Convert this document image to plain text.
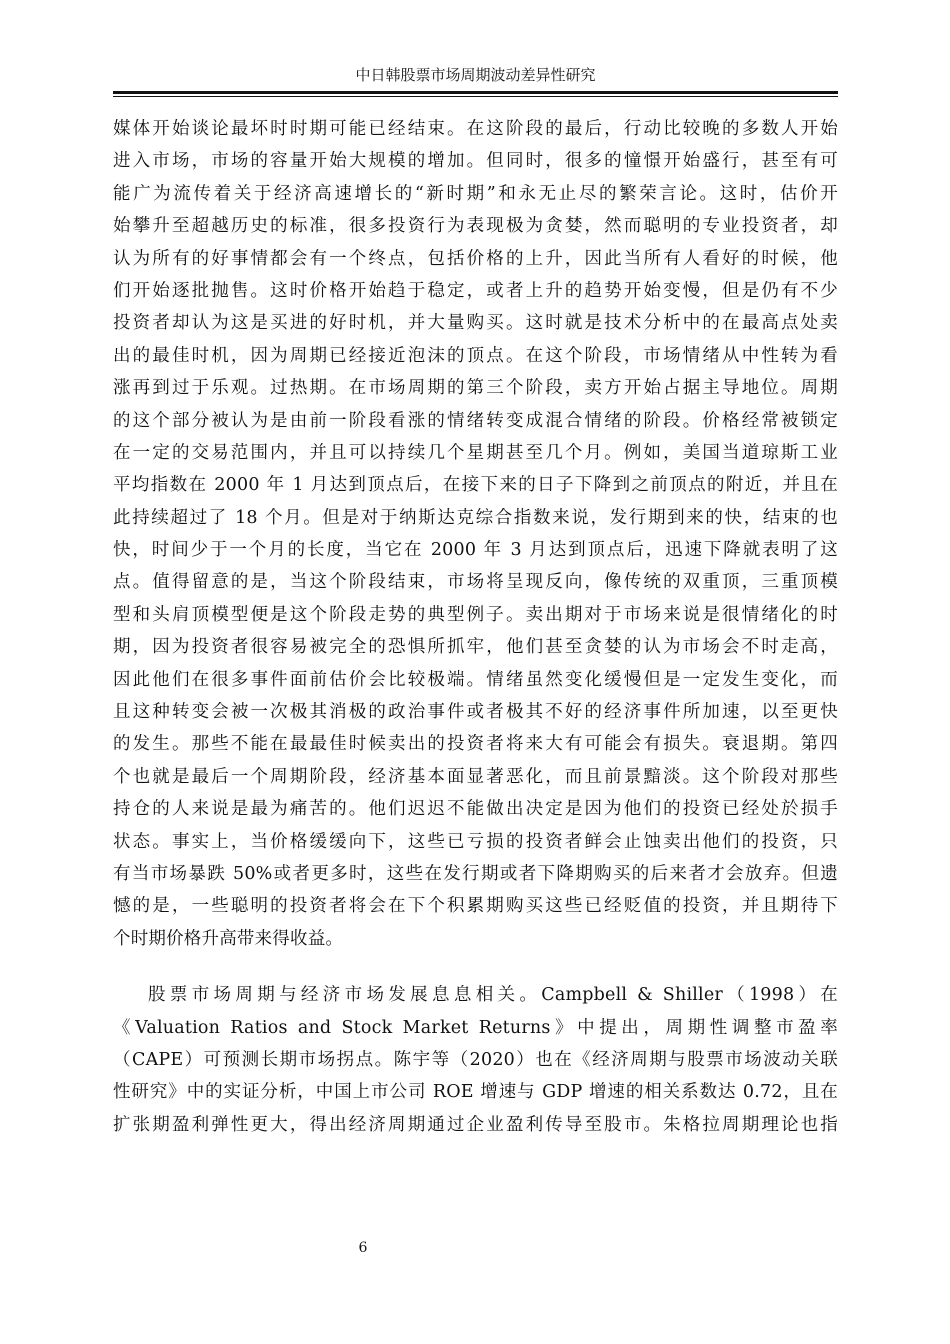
中日韩股票市场周期波动差异性研究
媒体开始谈论最坏时时期可能已经结束。在这阶段的最后，行动比较晚的多数人开始
进入市场，市场的容量开始大规模的增加。但同时，很多的憧憬开始盛行，甚至有可
能广为流传着关于经济高速增长的“新时期”和永无止尽的繁荣言论。这时，估价开
始攀升至超越历史的标准，很多投资行为表现极为贪婪，然而聪明的专业投资者，却
认为所有的好事情都会有一个终点，包括价格的上升，因此当所有人看好的时候，他
们开始逐批抛售。这时价格开始趋于稳定，或者上升的趋势开始变慢，但是仍有不少
投资者却认为这是买进的好时机，并大量购买。这时就是技术分析中的在最高点处卖
出的最佳时机，因为周期已经接近泡沫的顶点。在这个阶段，市场情绪从中性转为看
涨再到过于乐观。过热期。在市场周期的第三个阶段，卖方开始占据主导地位。周期
的这个部分被认为是由前一阶段看涨的情绪转变成混合情绪的阶段。价格经常被锁定
在一定的交易范围内，并且可以持续几个星期甚至几个月。例如，美国当道琼斯工业
平均指数在 2000 年 1 月达到顶点后，在接下来的日子下降到之前顶点的附近，并且在
此持续超过了 18 个月。但是对于纳斯达克综合指数来说，发行期到来的快，结束的也
快，时间少于一个月的长度，当它在 2000 年 3 月达到顶点后，迅速下降就表明了这
点。值得留意的是，当这个阶段结束，市场将呈现反向，像传统的双重顶，三重顶模
型和头肩顶模型便是这个阶段走势的典型例子。卖出期对于市场来说是很情绪化的时
期，因为投资者很容易被完全的恐惧所抓牢，他们甚至贪婪的认为市场会不时走高，
因此他们在很多事件面前估价会比较极端。情绪虽然变化缓慢但是一定发生变化，而
且这种转变会被一次极其消极的政治事件或者极其不好的经济事件所加速，以至更快
的发生。那些不能在最最佳时候卖出的投资者将来大有可能会有损失。衰退期。第四
个也就是最后一个周期阶段，经济基本面显著恶化，而且前景黯淡。这个阶段对那些
持仓的人来说是最为痛苦的。他们迟迟不能做出决定是因为他们的投资已经处於损手
状态。事实上，当价格缓缓向下，这些已亏损的投资者鲜会止蚀卖出他们的投资，只
有当市场暴跌 50%或者更多时，这些在发行期或者下降期购买的后来者才会放弃。但遗
憾的是，一些聪明的投资者将会在下个积累期购买这些已经贬值的投资，并且期待下
个时期价格升高带来得收益。
股票市场周期与经济市场发展息息相关。Campbell & Shiller（1998）在
《Valuation Ratios and Stock Market Returns》中提出，周期性调整市盈率
（CAPE）可预测长期市场拐点。陈宇等（2020）也在《经济周期与股票市场波动关联
性研究》中的实证分析，中国上市公司 ROE 增速与 GDP 增速的相关系数达 0.72，且在
扩张期盈利弹性更大，得出经济周期通过企业盈利传导至股市。朱格拉周期理论也指
6
